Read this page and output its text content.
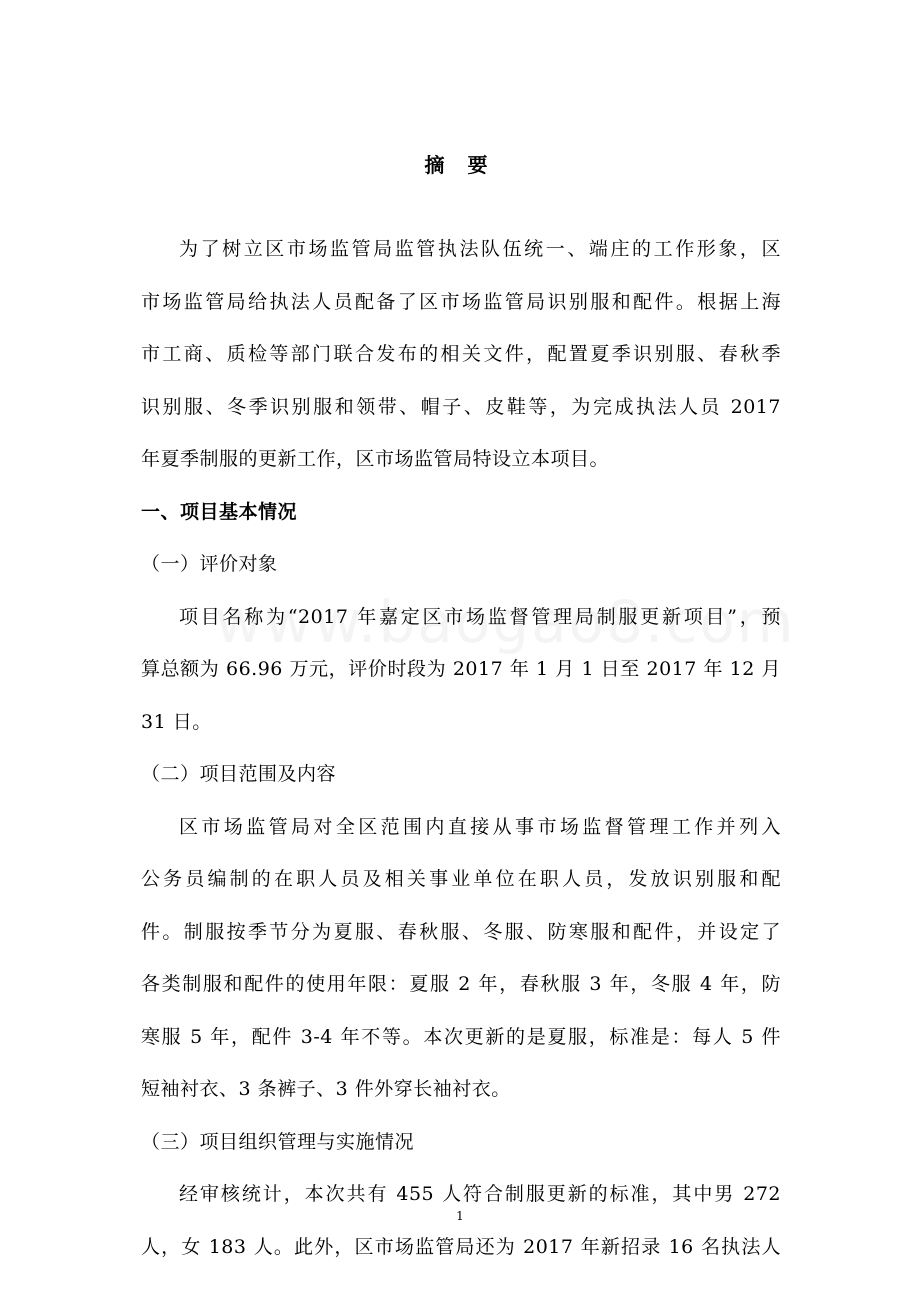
摘 要
为了树立区市场监管局监管执法队伍统一、端庄的工作形象，区
市场监管局给执法人员配备了区市场监管局识别服和配件。根据上海
市工商、质检等部门联合发布的相关文件，配置夏季识别服、春秋季
识别服、冬季识别服和领带、帽子、皮鞋等，为完成执法人员 2017
年夏季制服的更新工作，区市场监管局特设立本项目。
一、项目基本情况
（一）评价对象
项目名称为“2017 年嘉定区市场监督管理局制服更新项目”，预
算总额为 66.96 万元，评价时段为 2017 年 1 月 1 日至 2017 年 12 月
31 日。
（二）项目范围及内容
区市场监管局对全区范围内直接从事市场监督管理工作并列入
公务员编制的在职人员及相关事业单位在职人员，发放识别服和配
件。制服按季节分为夏服、春秋服、冬服、防寒服和配件，并设定了
各类制服和配件的使用年限：夏服 2 年，春秋服 3 年，冬服 4 年，防
寒服 5 年，配件 3-4 年不等。本次更新的是夏服，标准是：每人 5 件
短袖衬衣、3 条裤子、3 件外穿长袖衬衣。
（三）项目组织管理与实施情况
经审核统计，本次共有 455 人符合制服更新的标准，其中男 272
人，女 183 人。此外，区市场监管局还为 2017 年新招录 16 名执法人
1
